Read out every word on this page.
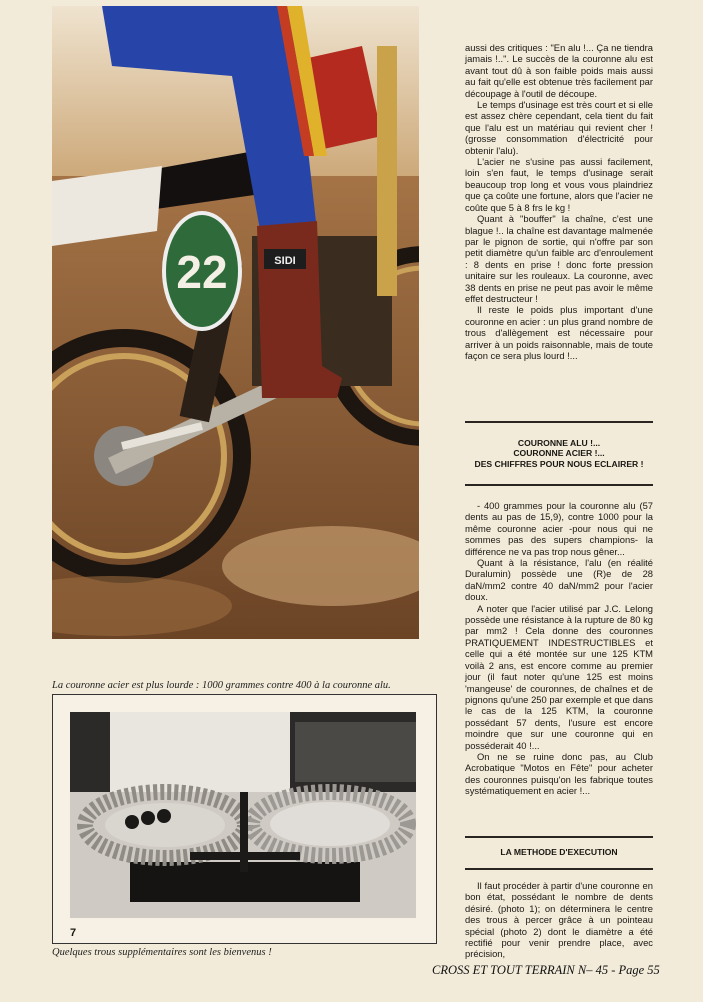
22	SIDI
La couronne acier est plus lourde : 1000 grammes contre 400 à la couronne alu.
7
Quelques trous supplémentaires sont les bienvenus !

aussi des critiques : "En alu !... Ça ne tiendra jamais !..". Le succès de la couronne alu est avant tout dû à son faible poids mais aussi au fait qu'elle est obtenue très facilement par découpage à l'outil de découpe.

Le temps d'usinage est très court et si elle est assez chère cependant, cela tient du fait que l'alu est un matériau qui revient cher !(grosse consommation d'électricité pour obtenir l'alu).

L'acier ne s'usine pas aussi facilement, loin s'en faut, le temps d'usinage serait beaucoup trop long et vous vous plaindriez que ça coûte une fortune, alors que l'acier ne coûte que 5 à 8 frs le kg !

Quant à "bouffer" la chaîne, c'est une blague !.. la chaîne est davantage malmenée par le pignon de sortie, qui n'offre par son petit diamètre qu'un faible arc d'enroulement : 8 dents en prise ! donc forte pression unitaire sur les rouleaux. La couronne, avec 38 dents en prise ne peut pas avoir le même effet destructeur !

Il reste le poids plus important d'une couronne en acier : un plus grand nombre de trous d'allègement est nécessaire pour arriver à un poids raisonnable, mais de toute façon ce sera plus lourd !...

COURONNE ALU !...
COURONNE ACIER !...
DES CHIFFRES POUR NOUS ECLAIRER !

- 400 grammes pour la couronne alu (57 dents au pas de 15,9), contre 1000 pour la même couronne acier -pour nous qui ne sommes pas des supers champions- la différence ne va pas trop nous gêner...

Quant à la résistance, l'alu (en réalité Duralumin) possède une (R)e de 28 daN/mm2 contre 40 daN/mm2 pour l'acier doux.

A noter que l'acier utilisé par J.C. Lelong possède une résistance à la rupture de 80 kg par mm2 ! Cela donne des couronnes PRATIQUEMENT INDESTRUCTIBLES et celle qui a été montée sur une 125 KTM voilà 2 ans, est encore comme au premier jour (il faut noter qu'une 125 est moins 'mangeuse' de couronnes, de chaînes et de pignons qu'une 250 par exemple et que dans le cas de la 125 KTM, la couronne possédant 57 dents, l'usure est encore moindre que sur une couronne qui en posséderait 40 !...

On ne se ruine donc pas, au Club Acrobatique "Motos en Fête" pour acheter des couronnes puisqu'on les fabrique toutes systématiquement en acier !...

LA METHODE D'EXECUTION

Il faut procéder à partir d'une couronne en bon état, possédant le nombre de dents désiré. (photo 1); on déterminera le centre des trous à percer grâce à un pointeau spécial (photo 2) dont le diamètre a été rectifié pour venir prendre place, avec précision,

CROSS ET TOUT TERRAIN N– 45 - Page 55
